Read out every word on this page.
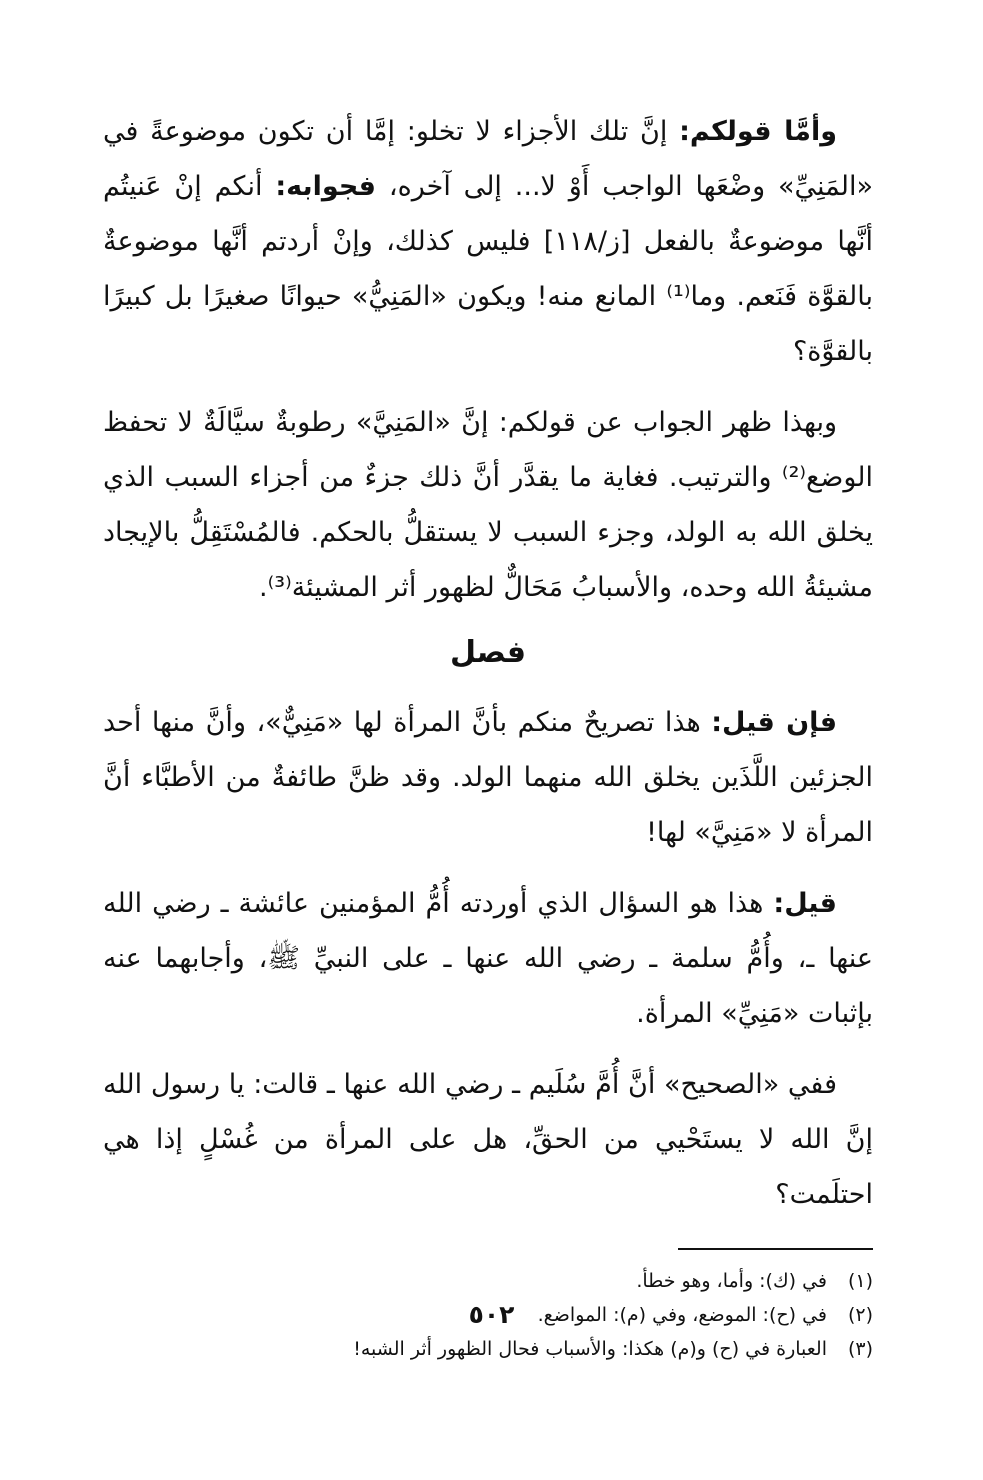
وأمَّا قولكم: إنَّ تلك الأجزاء لا تخلو: إمَّا أن تكون موضوعةً في «المَنِيِّ» وضْعَها الواجب أَوْ لا... إلى آخره، فجوابه: أنكم إنْ عَنيتُم أنَّها موضوعةٌ بالفعل [ز/١١٨] فليس كذلك، وإنْ أردتم أنَّها موضوعةٌ بالقوَّة فَنَعم. وما⁽¹⁾ المانع منه! ويكون «المَنِيُّ» حيوانًا صغيرًا بل كبيرًا بالقوَّة؟

وبهذا ظهر الجواب عن قولكم: إنَّ «المَنِيَّ» رطوبةٌ سيَّالَةٌ لا تحفظ الوضع⁽²⁾ والترتيب. فغاية ما يقدَّر أنَّ ذلك جزءٌ من أجزاء السبب الذي يخلق الله به الولد، وجزء السبب لا يستقلُّ بالحكم. فالمُسْتَقِلُّ بالإيجاد مشيئةُ الله وحده، والأسبابُ مَحَالٌّ لظهور أثر المشيئة⁽³⁾.

فصل

فإن قيل: هذا تصريحٌ منكم بأنَّ المرأة لها «مَنِيٌّ»، وأنَّ منها أحد الجزئين اللَّذَين يخلق الله منهما الولد. وقد ظنَّ طائفةٌ من الأطبَّاء أنَّ المرأة لا «مَنِيَّ» لها!

قيل: هذا هو السؤال الذي أوردته أُمُّ المؤمنين عائشة ـ رضي الله عنها ـ، وأُمُّ سلمة ـ رضي الله عنها ـ على النبيِّ ﷺ، وأجابهما عنه بإثبات «مَنِيِّ» المرأة.

ففي «الصحيح» أنَّ أُمَّ سُلَيم ـ رضي الله عنها ـ قالت: يا رسول الله إنَّ الله لا يستَحْيي من الحقِّ، هل على المرأة من غُسْلٍ إذا هي احتلَمت؟

(١)
في (ك): وأما، وهو خطأ.
(٢)
في (ح): الموضع، وفي (م): المواضع.
(٣)
العبارة في (ح) و(م) هكذا: والأسباب فحال الظهور أثر الشبه!
٥٠٢
